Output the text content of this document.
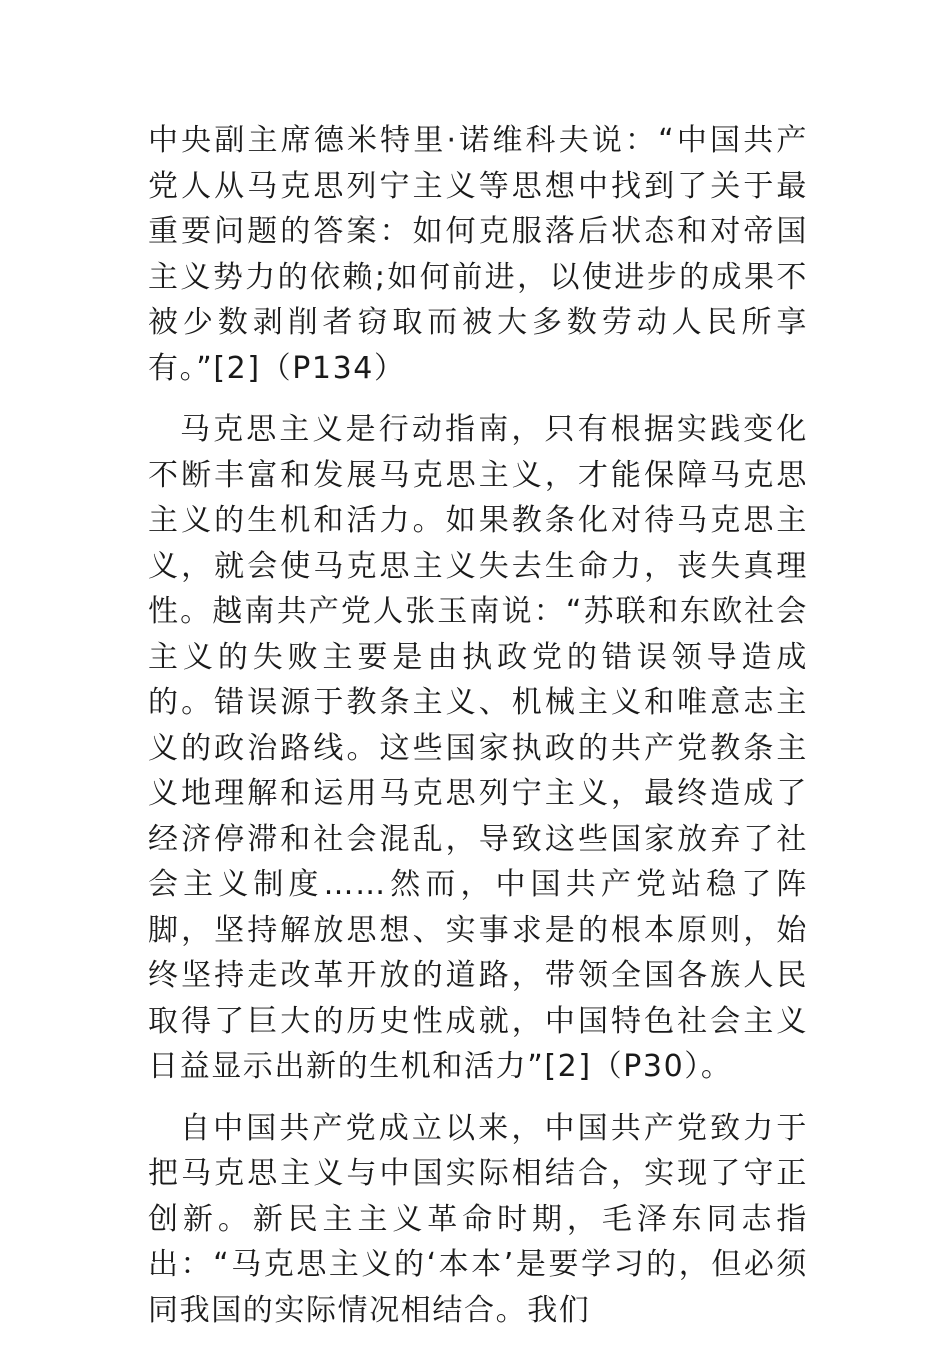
中央副主席德米特里·诺维科夫说：“中国共产党人从马克思列宁主义等思想中找到了关于最重要问题的答案：如何克服落后状态和对帝国主义势力的依赖;如何前进，以使进步的成果不被少数剥削者窃取而被大多数劳动人民所享有。”[2]（P134）

马克思主义是行动指南，只有根据实践变化不断丰富和发展马克思主义，才能保障马克思主义的生机和活力。如果教条化对待马克思主义，就会使马克思主义失去生命力，丧失真理性。越南共产党人张玉南说：“苏联和东欧社会主义的失败主要是由执政党的错误领导造成的。错误源于教条主义、机械主义和唯意志主义的政治路线。这些国家执政的共产党教条主义地理解和运用马克思列宁主义，最终造成了经济停滞和社会混乱，导致这些国家放弃了社会主义制度……然而，中国共产党站稳了阵脚，坚持解放思想、实事求是的根本原则，始终坚持走改革开放的道路，带领全国各族人民取得了巨大的历史性成就，中国特色社会主义日益显示出新的生机和活力”[2]（P30）。

自中国共产党成立以来，中国共产党致力于把马克思主义与中国实际相结合，实现了守正创新。新民主主义革命时期，毛泽东同志指出：“马克思主义的‘本本’是要学习的，但必须同我国的实际情况相结合。我们
